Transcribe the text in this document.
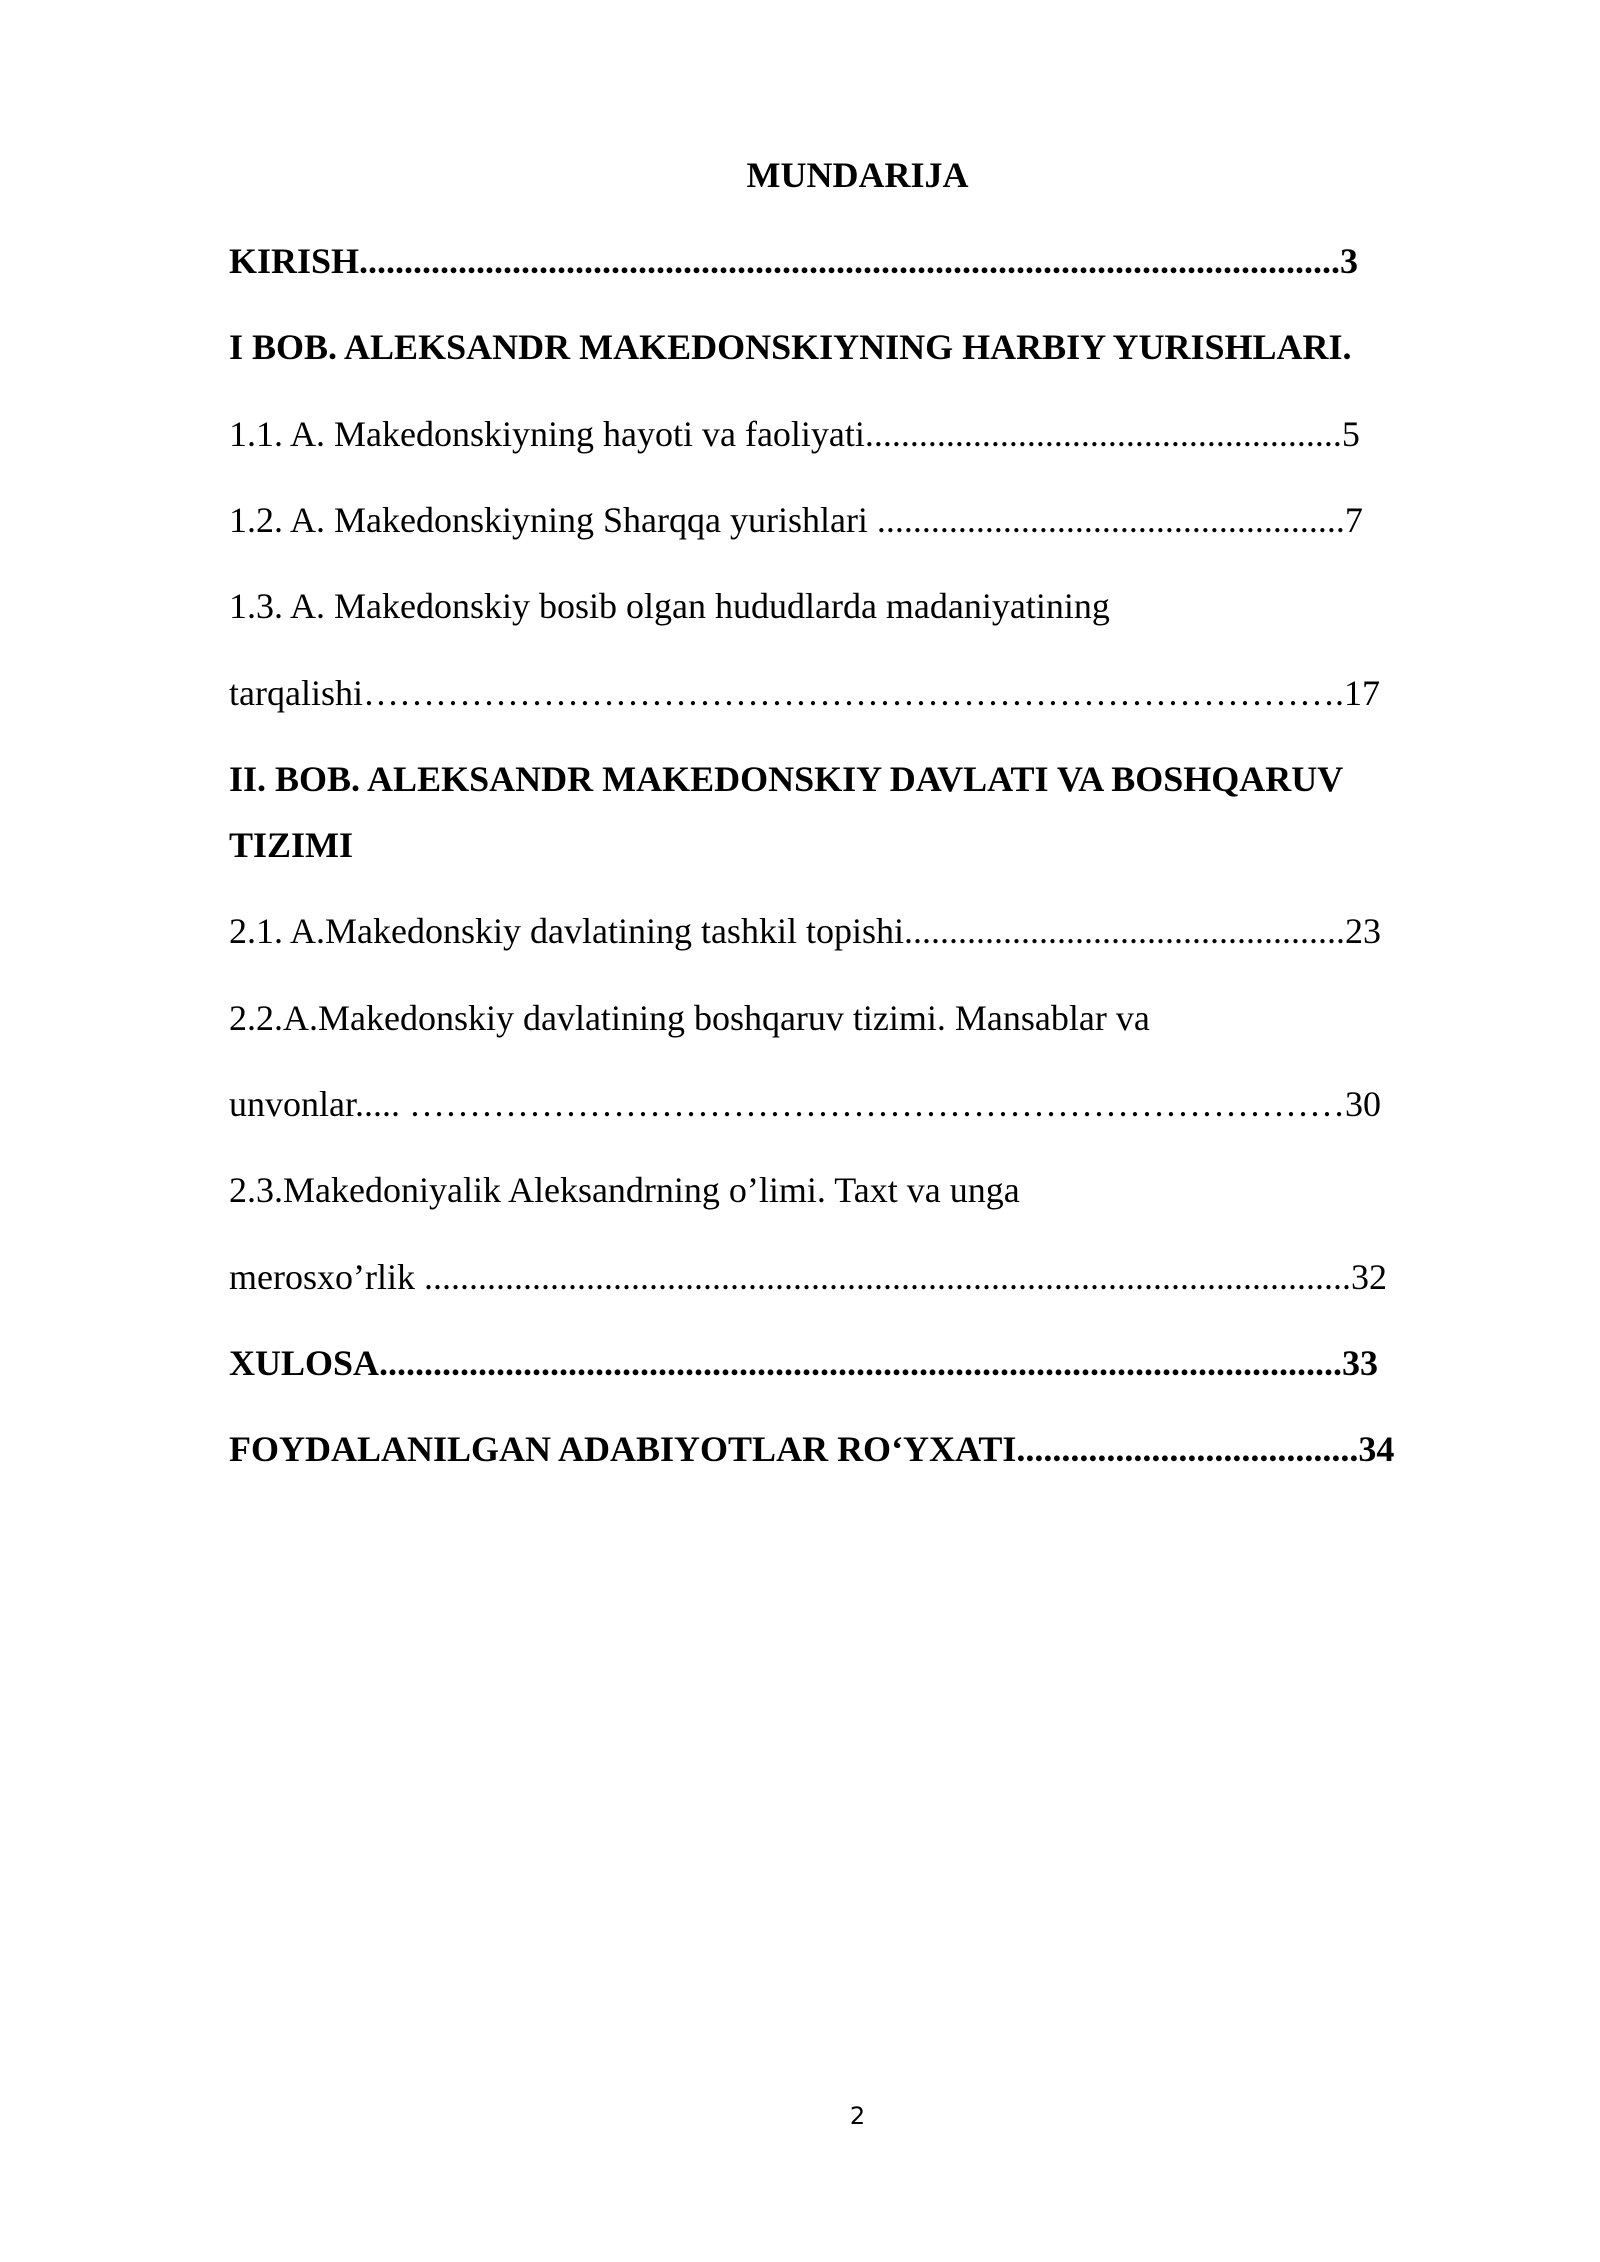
MUNDARIJA
KIRISH.............................................................................................................3
I BOB. ALEKSANDR MAKEDONSKIYNING HARBIY YURISHLARI.
1.1. A. Makedonskiyning hayoti va faoliyati.....................................................5
1.2. A. Makedonskiyning Sharqqa yurishlari ....................................................7
1.3. A. Makedonskiy bosib olgan hududlarda madaniyatining
tarqalishi……………………………………………………………………….17
II. BOB. ALEKSANDR MAKEDONSKIY DAVLATI VA BOSHQARUV
TIZIMI
2.1. A.Makedonskiy davlatining tashkil topishi.................................................23
2.2.A.Makedonskiy davlatining boshqaruv tizimi. Mansablar va
unvonlar..... ……………………………………………………………………30
2.3.Makedoniyalik Aleksandrning o’limi. Taxt va unga
merosxo’rlik .......................................................................................................32
XULOSA...........................................................................................................33
FOYDALANILGAN ADABIYOTLAR RO‘YXATI......................................34
2
